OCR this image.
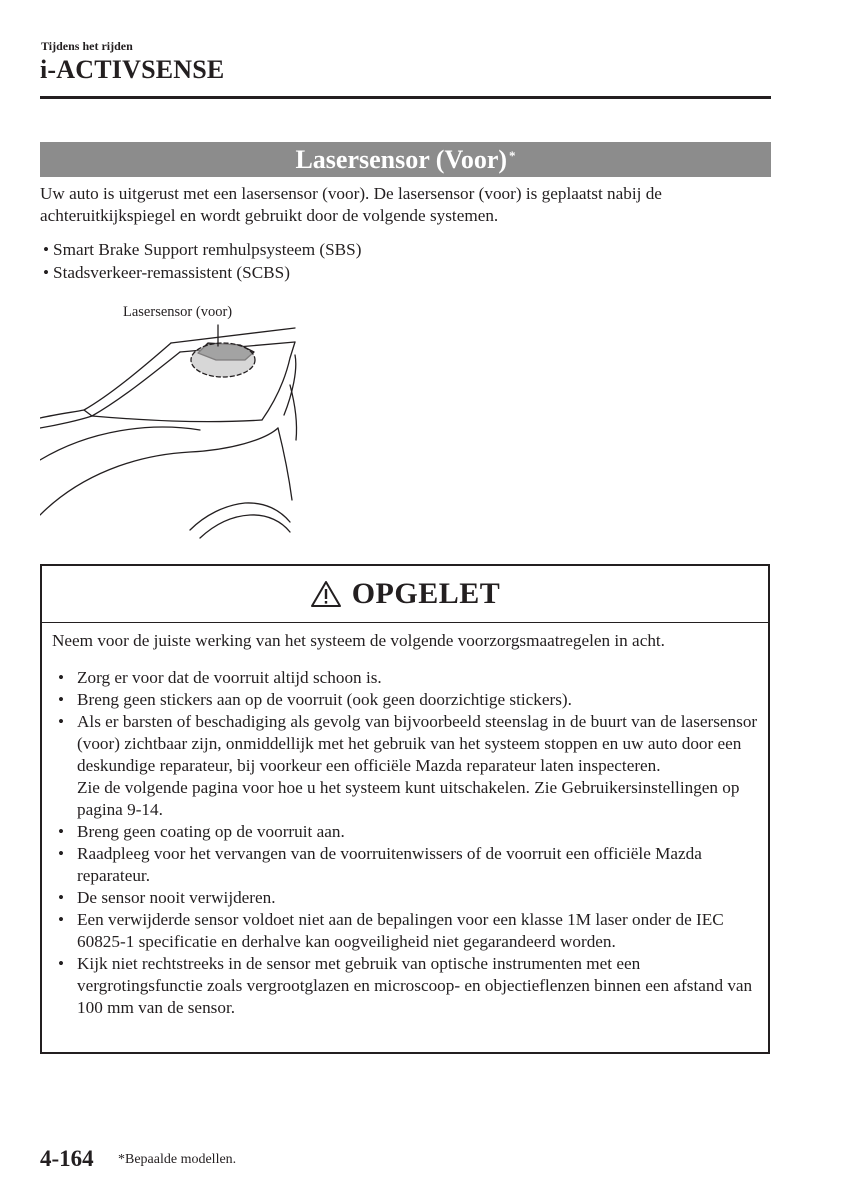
Tijdens het rijden
i-ACTIVSENSE
Lasersensor (Voor)*

Uw auto is uitgerust met een lasersensor (voor). De lasersensor (voor) is geplaatst nabij de achteruitkijkspiegel en wordt gebruikt door de volgende systemen.

• Smart Brake Support remhulpsysteem (SBS)
• Stadsverkeer-remassistent (SCBS)
Lasersensor (voor)
OPGELET

Neem voor de juiste werking van het systeem de volgende voorzorgsmaatregelen in acht.

• Zorg er voor dat de voorruit altijd schoon is.
• Breng geen stickers aan op de voorruit (ook geen doorzichtige stickers).
• Als er barsten of beschadiging als gevolg van bijvoorbeeld steenslag in de buurt van de lasersensor (voor) zichtbaar zijn, onmiddellijk met het gebruik van het systeem stoppen en uw auto door een deskundige reparateur, bij voorkeur een officiële Mazda reparateur laten inspecteren.
Zie de volgende pagina voor hoe u het systeem kunt uitschakelen. Zie Gebruikersinstellingen op pagina 9-14.
• Breng geen coating op de voorruit aan.
• Raadpleeg voor het vervangen van de voorruitenwissers of de voorruit een officiële Mazda reparateur.
• De sensor nooit verwijderen.
• Een verwijderde sensor voldoet niet aan de bepalingen voor een klasse 1M laser onder de IEC 60825-1 specificatie en derhalve kan oogveiligheid niet gegarandeerd worden.
• Kijk niet rechtstreeks in de sensor met gebruik van optische instrumenten met een vergrotingsfunctie zoals vergrootglazen en microscoop- en objectieflenzen binnen een afstand van 100 mm van de sensor.
4-164 *Bepaalde modellen.
